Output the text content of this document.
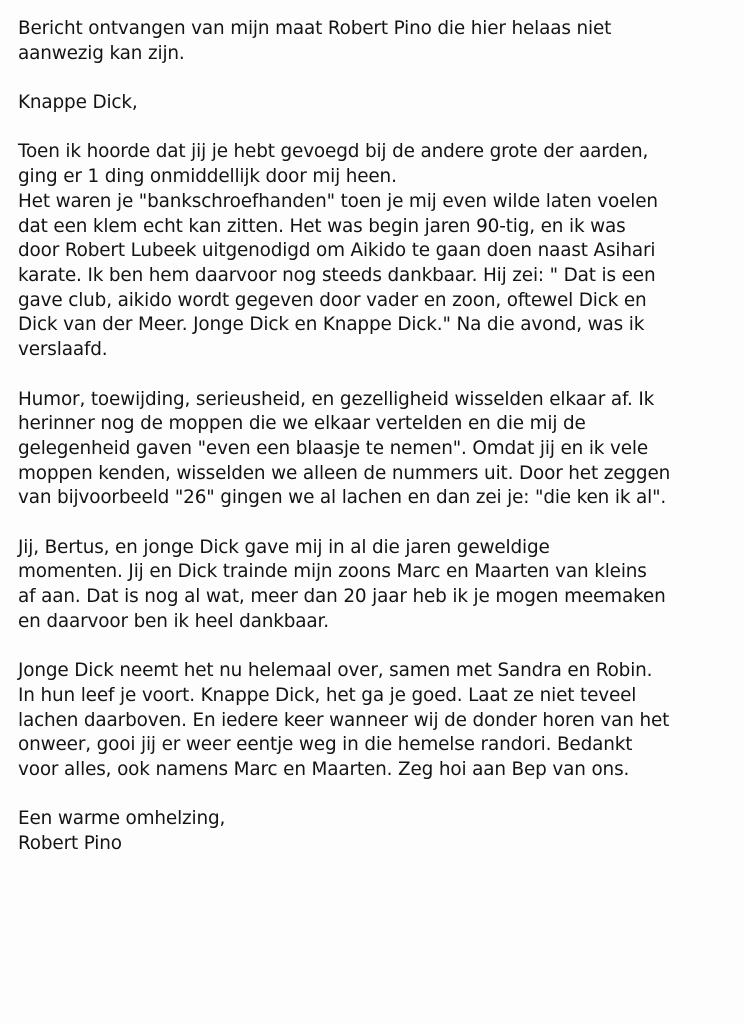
Bericht ontvangen van mijn maat Robert Pino die hier helaas niet
aanwezig kan zijn.
Knappe Dick,
Toen ik hoorde dat jij je hebt gevoegd bij de andere grote der aarden,
ging er 1 ding onmiddellijk door mij heen.
Het waren je "bankschroefhanden" toen je mij even wilde laten voelen
dat een klem echt kan zitten. Het was begin jaren 90-tig, en ik was
door Robert Lubeek uitgenodigd om Aikido te gaan doen naast Asihari
karate. Ik ben hem daarvoor nog steeds dankbaar. Hij zei: " Dat is een
gave club, aikido wordt gegeven door vader en zoon, oftewel Dick en
Dick van der Meer. Jonge Dick en Knappe Dick." Na die avond, was ik
verslaafd.
Humor, toewijding, serieusheid, en gezelligheid wisselden elkaar af. Ik
herinner nog de moppen die we elkaar vertelden en die mij de
gelegenheid gaven "even een blaasje te nemen". Omdat jij en ik vele
moppen kenden, wisselden we alleen de nummers uit. Door het zeggen
van bijvoorbeeld "26" gingen we al lachen en dan zei je: "die ken ik al".
Jij, Bertus, en jonge Dick gave mij in al die jaren geweldige
momenten. Jij en Dick trainde mijn zoons Marc en Maarten van kleins
af aan. Dat is nog al wat, meer dan 20 jaar heb ik je mogen meemaken
en daarvoor ben ik heel dankbaar.
Jonge Dick neemt het nu helemaal over, samen met Sandra en Robin.
In hun leef je voort. Knappe Dick, het ga je goed. Laat ze niet teveel
lachen daarboven. En iedere keer wanneer wij de donder horen van het
onweer, gooi jij er weer eentje weg in die hemelse randori. Bedankt
voor alles, ook namens Marc en Maarten. Zeg hoi aan Bep van ons.
Een warme omhelzing,
Robert Pino
